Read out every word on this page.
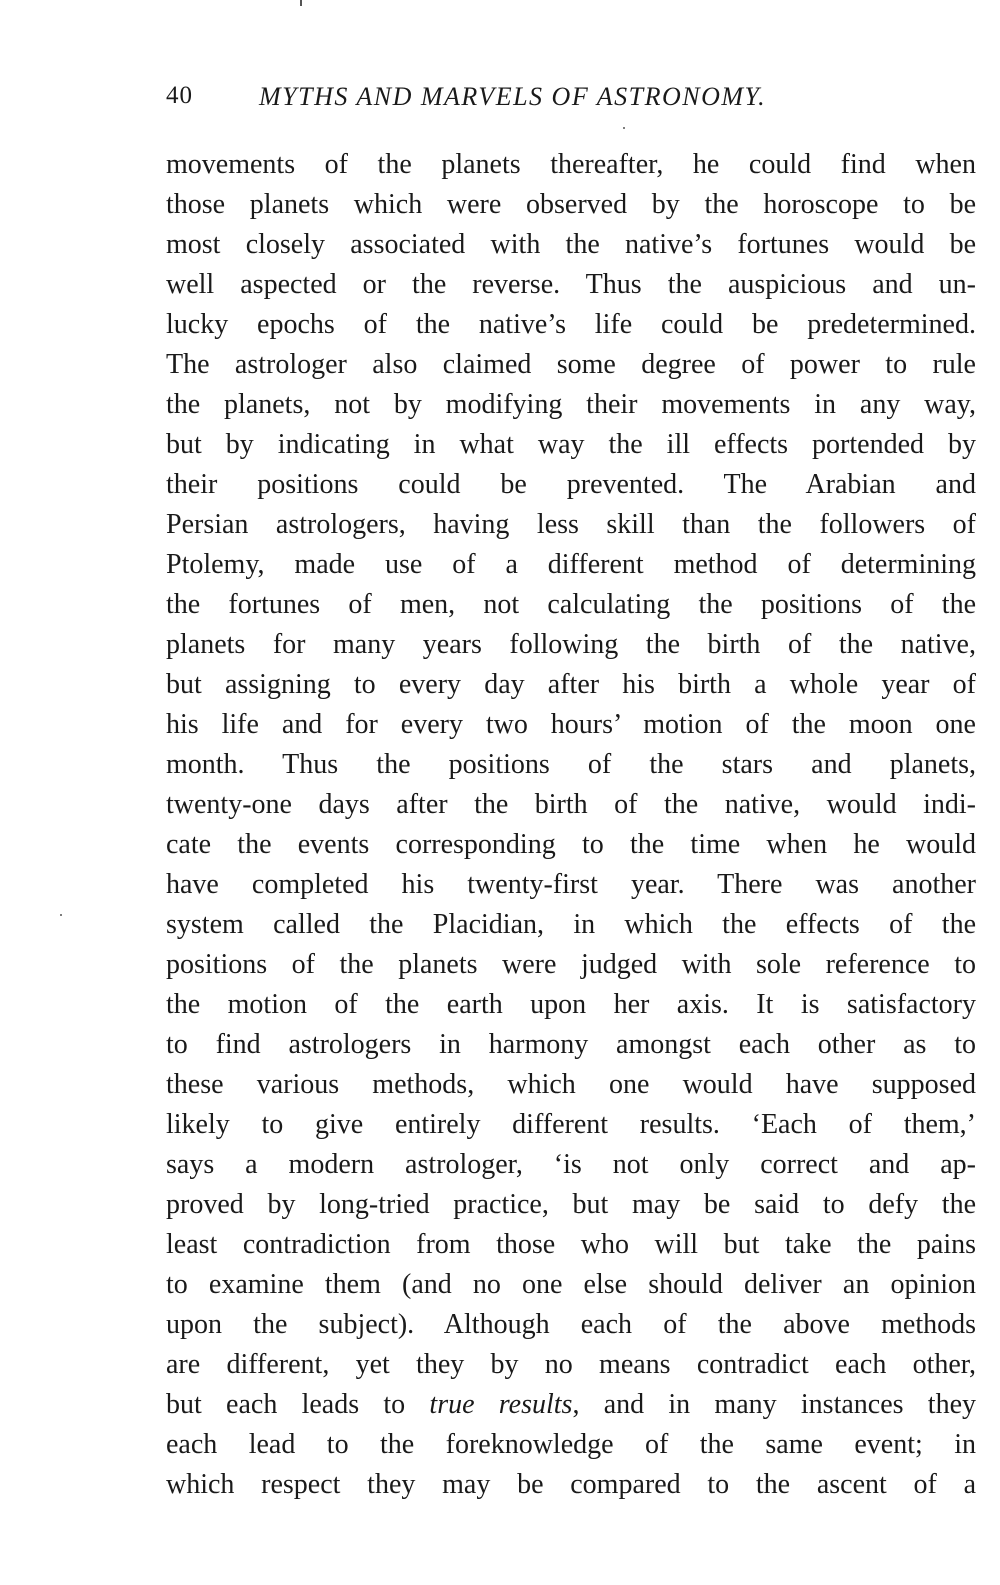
40	MYTHS AND MARVELS OF ASTRONOMY.
movements of the planets thereafter, he could find when
those planets which were observed by the horoscope to be
most closely associated with the native’s fortunes would be
well aspected or the reverse. Thus the auspicious and un-
lucky epochs of the native’s life could be predetermined.
The astrologer also claimed some degree of power to rule
the planets, not by modifying their movements in any way,
but by indicating in what way the ill effects portended by
their positions could be prevented. The Arabian and
Persian astrologers, having less skill than the followers of
Ptolemy, made use of a different method of determining
the fortunes of men, not calculating the positions of the
planets for many years following the birth of the native,
but assigning to every day after his birth a whole year of
his life and for every two hours’ motion of the moon one
month. Thus the positions of the stars and planets,
twenty-one days after the birth of the native, would indi-
cate the events corresponding to the time when he would
have completed his twenty-first year. There was another
system called the Placidian, in which the effects of the
positions of the planets were judged with sole reference to
the motion of the earth upon her axis. It is satisfactory
to find astrologers in harmony amongst each other as to
these various methods, which one would have supposed
likely to give entirely different results. ‘Each of them,’
says a modern astrologer, ‘is not only correct and ap-
proved by long-tried practice, but may be said to defy the
least contradiction from those who will but take the pains
to examine them (and no one else should deliver an opinion
upon the subject). Although each of the above methods
are different, yet they by no means contradict each other,
but each leads to true results, and in many instances they
each lead to the foreknowledge of the same event; in
which respect they may be compared to the ascent of a
